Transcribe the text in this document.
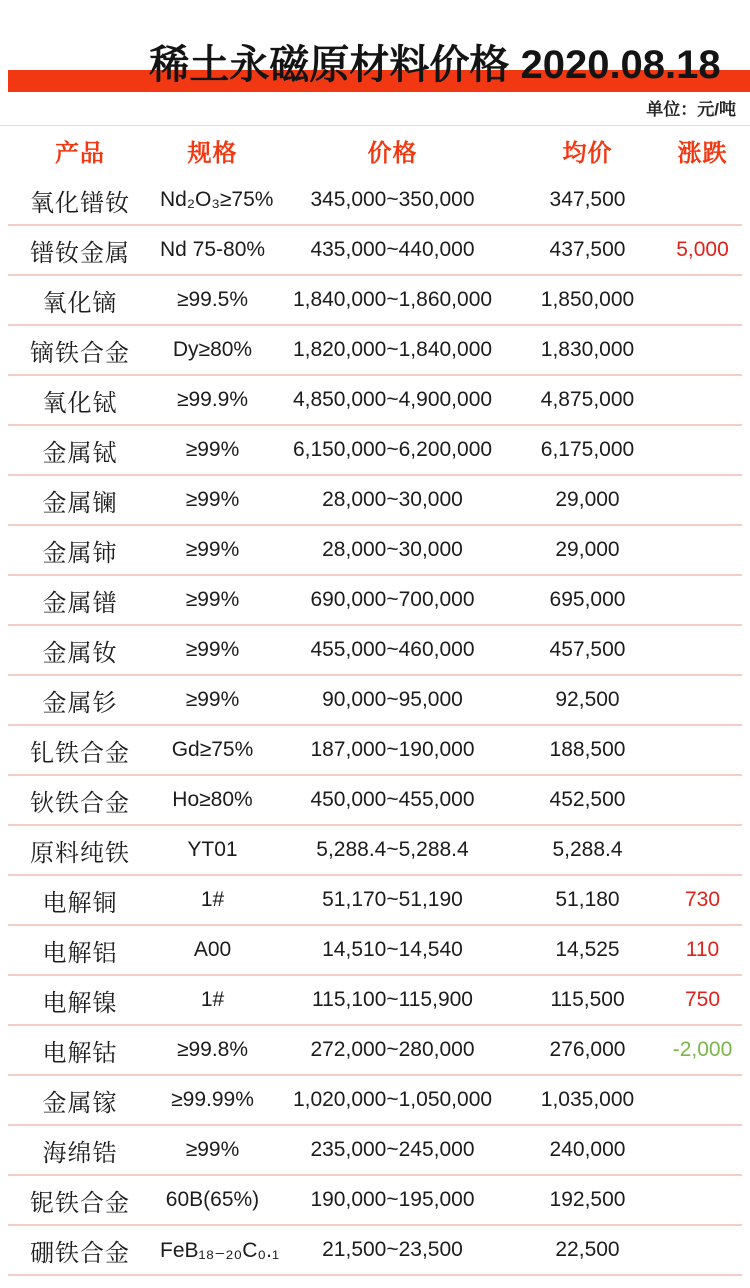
稀土永磁原材料价格 2020.08.18
单位：元/吨
产品	规格	价格	均价	涨跌
氧化镨钕	Nd₂O₃≥75%	345,000~350,000	347,500
镨钕金属	Nd 75-80%	435,000~440,000	437,500	5,000
氧化镝	≥99.5%	1,840,000~1,860,000	1,850,000
镝铁合金	Dy≥80%	1,820,000~1,840,000	1,830,000
氧化铽	≥99.9%	4,850,000~4,900,000	4,875,000
金属铽	≥99%	6,150,000~6,200,000	6,175,000
金属镧	≥99%	28,000~30,000	29,000
金属铈	≥99%	28,000~30,000	29,000
金属镨	≥99%	690,000~700,000	695,000
金属钕	≥99%	455,000~460,000	457,500
金属钐	≥99%	90,000~95,000	92,500
钆铁合金	Gd≥75%	187,000~190,000	188,500
钬铁合金	Ho≥80%	450,000~455,000	452,500
原料纯铁	YT01	5,288.4~5,288.4	5,288.4
电解铜	1#	51,170~51,190	51,180	730
电解铝	A00	14,510~14,540	14,525	110
电解镍	1#	115,100~115,900	115,500	750
电解钴	≥99.8%	272,000~280,000	276,000	-2,000
金属镓	≥99.99%	1,020,000~1,050,000	1,035,000
海绵锆	≥99%	235,000~245,000	240,000
铌铁合金	60B(65%)	190,000~195,000	192,500
硼铁合金	FeB₁₈₋₂₀C₀.₁	21,500~23,500	22,500
